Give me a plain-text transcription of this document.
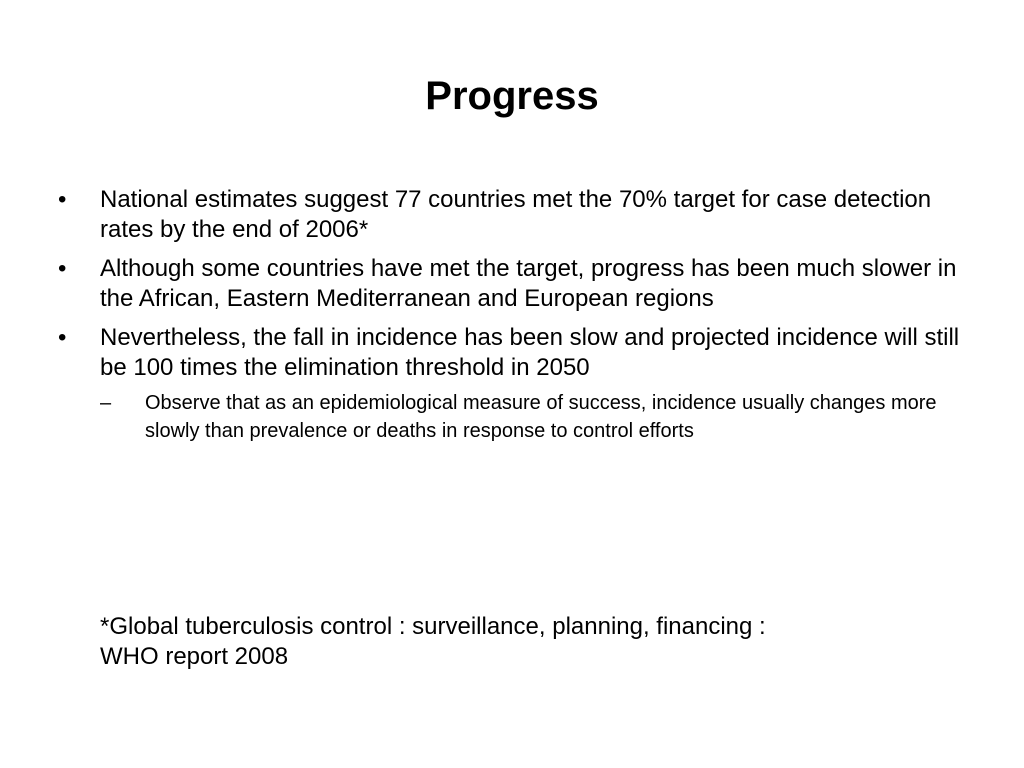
Progress
•	National estimates suggest 77 countries met the 70% target for case detection rates by the end of 2006*
•	Although some countries have met the target, progress has been much slower in the African, Eastern Mediterranean and European regions
•	Nevertheless, the fall in incidence has been slow and projected incidence will still be 100 times the elimination threshold in 2050
–	Observe that as an epidemiological measure of success, incidence usually changes more slowly than prevalence or deaths in response to control efforts
*Global tuberculosis control : surveillance, planning, financing :
WHO report 2008
